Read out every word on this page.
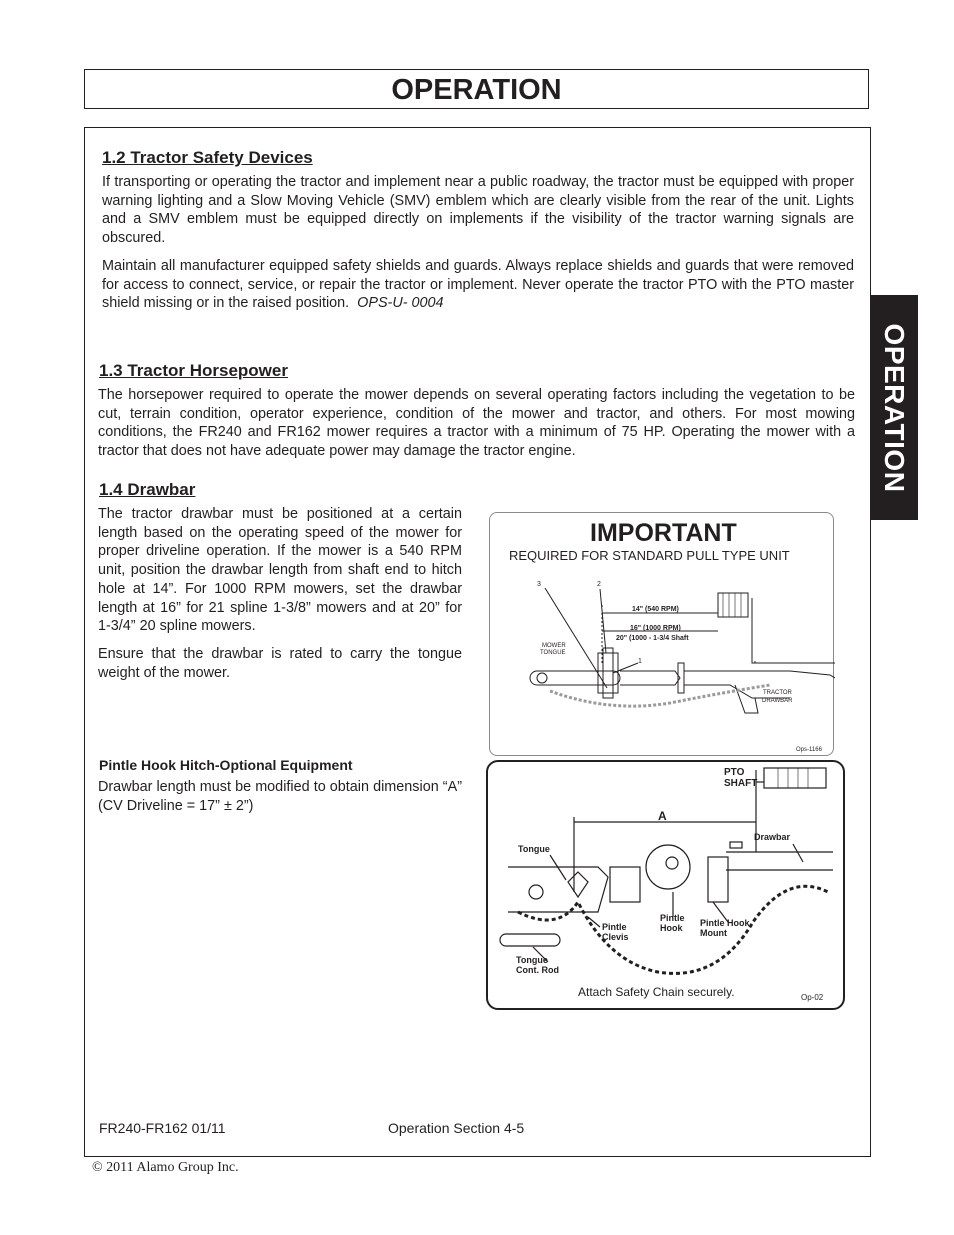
OPERATION
OPERATION
1.2 Tractor Safety Devices

If transporting or operating the tractor and implement near a public roadway, the tractor must be equipped with proper warning lighting and a Slow Moving Vehicle (SMV) emblem which are clearly visible from the rear of the unit. Lights and a SMV emblem must be equipped directly on implements if the visibility of the tractor warning signals are obscured.

Maintain all manufacturer equipped safety shields and guards. Always replace shields and guards that were removed for access to connect, service, or repair the tractor or implement. Never operate the tractor PTO with the PTO master shield missing or in the raised position. OPS-U- 0004

1.3 Tractor Horsepower

The horsepower required to operate the mower depends on several operating factors including the vegetation to be cut, terrain condition, operator experience, condition of the mower and tractor, and others. For most mowing conditions, the FR240 and FR162 mower requires a tractor with a minimum of 75 HP. Operating the mower with a tractor that does not have adequate power may damage the tractor engine.

1.4 Drawbar

The tractor drawbar must be positioned at a certain length based on the operating speed of the mower for proper driveline operation. If the mower is a 540 RPM unit, position the drawbar length from shaft end to hitch hole at 14”. For 1000 RPM mowers, set the drawbar length at 16” for 21 spline 1-3/8” mowers and at 20” for 1-3/4” 20 spline mowers.

Ensure that the drawbar is rated to carry the tongue weight of the mower.

Pintle Hook Hitch-Optional Equipment

Drawbar length must be modified to obtain dimension “A” (CV Driveline = 17” ± 2”)

IMPORTANT
REQUIRED FOR STANDARD PULL TYPE UNIT
3	2
1
14" (540 RPM)
16" (1000 RPM)
20" (1000 - 1-3/4 Shaft
MOWER
TONGUE
TRACTOR
DRAWBAR
Ops-1166
PTO
SHAFT
A
Drawbar
Tongue
Pintle
Clevis
Pintle
Hook Pintle Hook
Mount
Tongue
Cont. Rod
Attach Safety Chain securely.	Op-02
FR240-FR162 01/11	Operation Section 4-5
© 2011 Alamo Group Inc.
